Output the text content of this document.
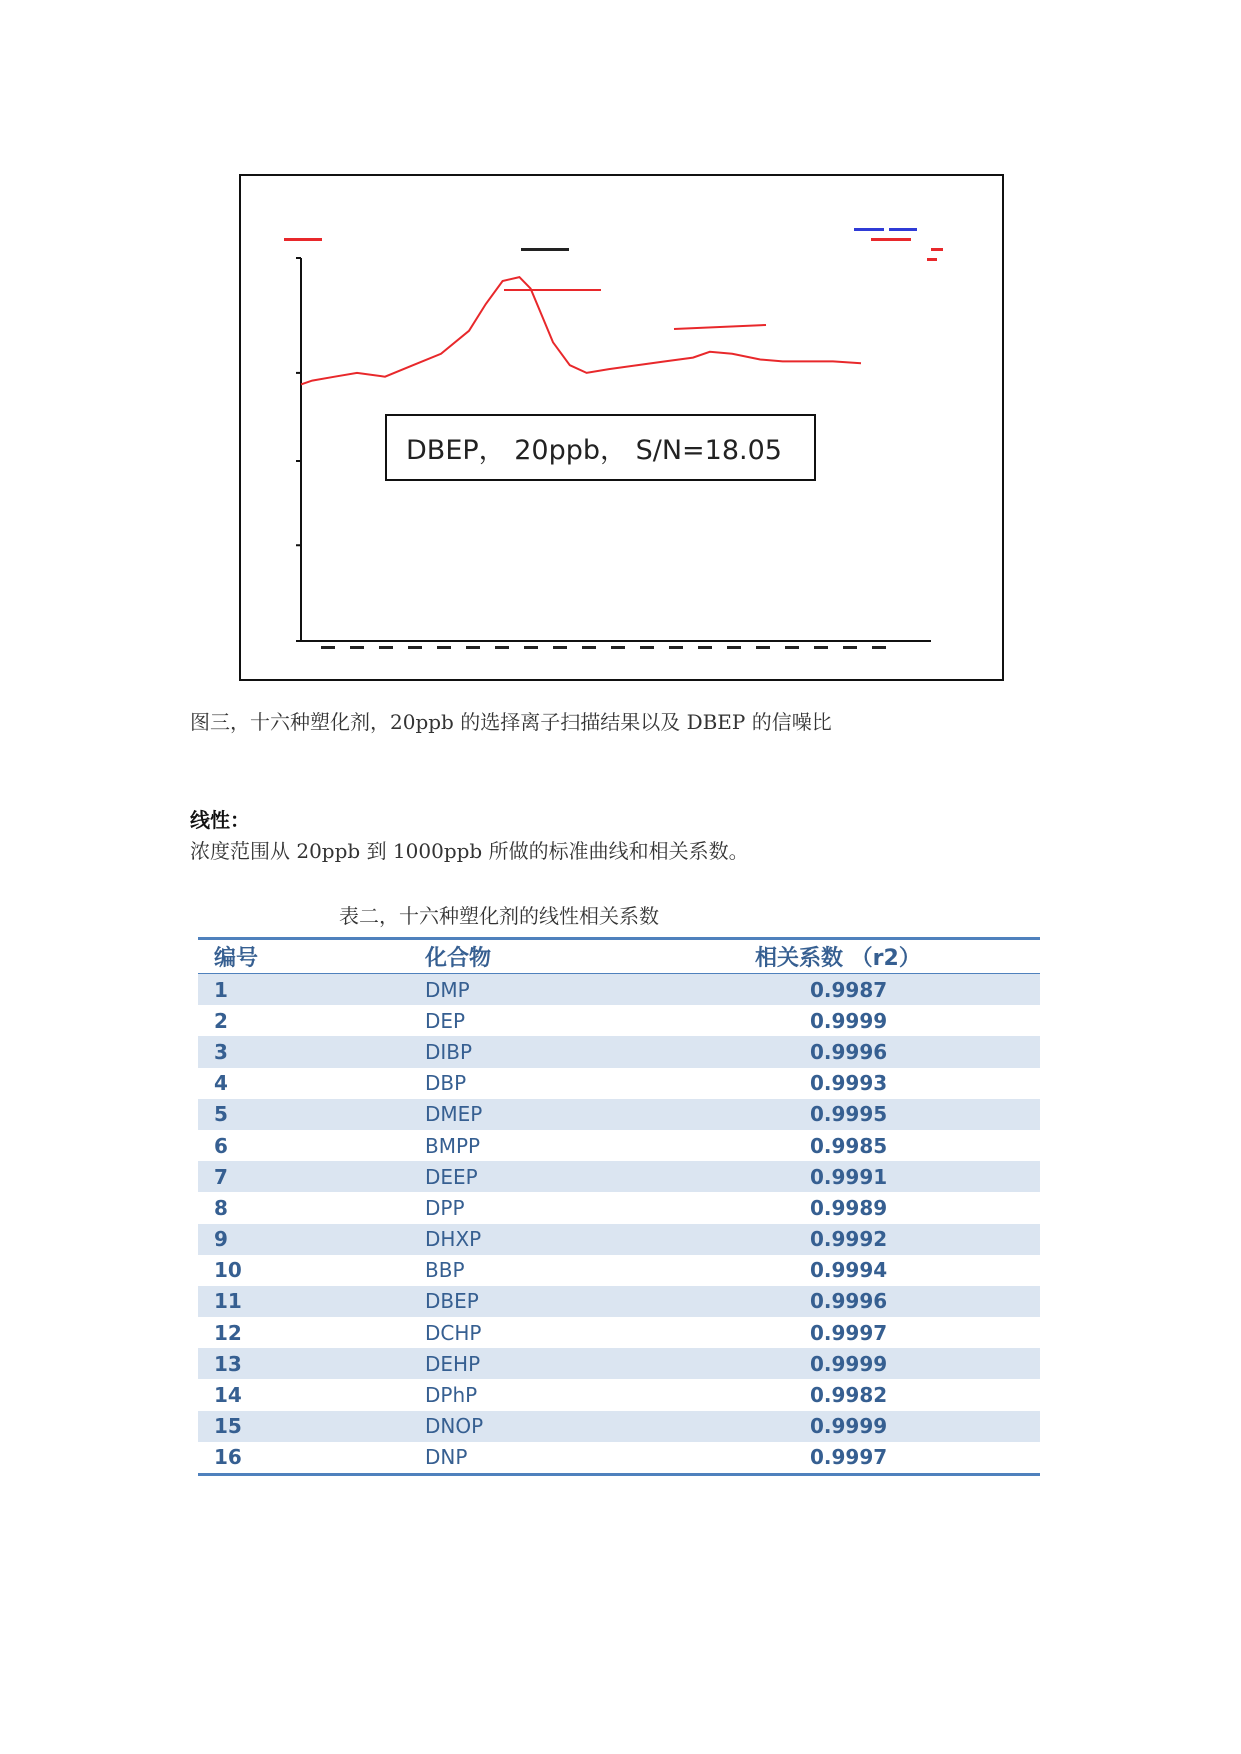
DBEP， 20ppb， S/N=18.05
图三，十六种塑化剂，20ppb 的选择离子扫描结果以及 DBEP 的信噪比
线性：
浓度范围从 20ppb 到 1000ppb 所做的标准曲线和相关系数。
表二，十六种塑化剂的线性相关系数
编号	化合物	相关系数 （r2）
1	DMP	0.9987
2	DEP	0.9999
3	DIBP	0.9996
4	DBP	0.9993
5	DMEP	0.9995
6	BMPP	0.9985
7	DEEP	0.9991
8	DPP	0.9989
9	DHXP	0.9992
10	BBP	0.9994
11	DBEP	0.9996
12	DCHP	0.9997
13	DEHP	0.9999
14	DPhP	0.9982
15	DNOP	0.9999
16	DNP	0.9997
